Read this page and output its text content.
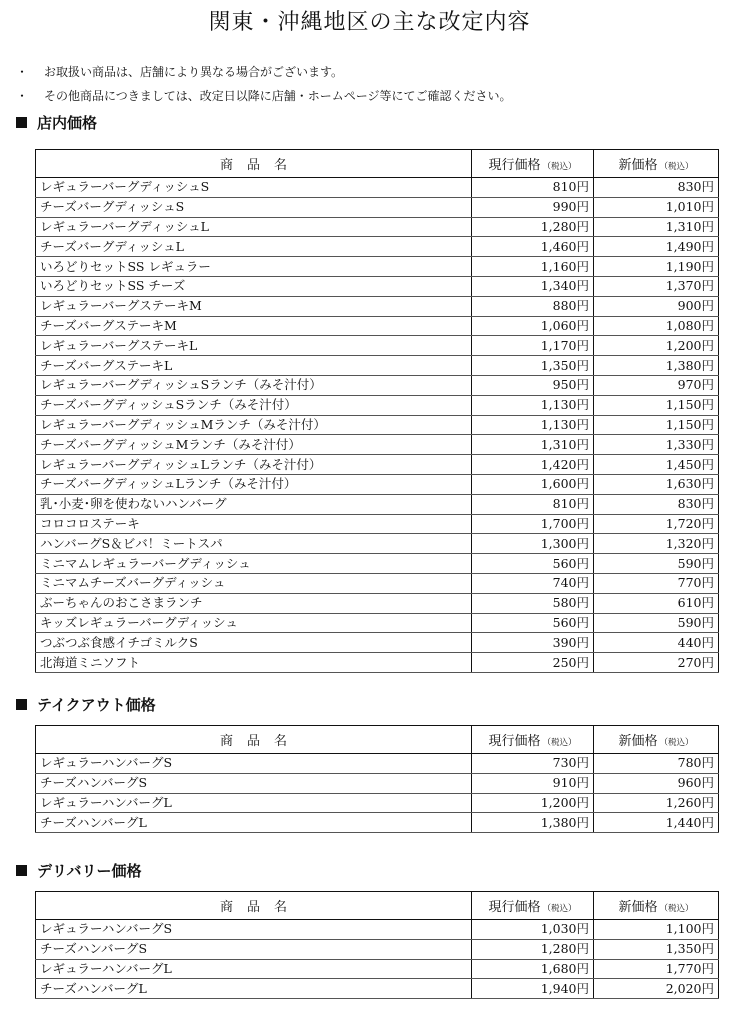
関東・沖縄地区の主な改定内容
・	お取扱い商品は、店舗により異なる場合がございます。
・	その他商品につきましては、改定日以降に店舗・ホームページ等にてご確認ください。
店内価格
商品名	現行価格 （税込）	新価格 （税込）
レギュラーバーグディッシュS	810円	830円
チーズバーグディッシュS	990円	1,010円
レギュラーバーグディッシュL	1,280円	1,310円
チーズバーグディッシュL	1,460円	1,490円
いろどりセットSS レギュラー	1,160円	1,190円
いろどりセットSS チーズ	1,340円	1,370円
レギュラーバーグステーキM	880円	900円
チーズバーグステーキM	1,060円	1,080円
レギュラーバーグステーキL	1,170円	1,200円
チーズバーグステーキL	1,350円	1,380円
レギュラーバーグディッシュSランチ（みそ汁付）	950円	970円
チーズバーグディッシュSランチ（みそ汁付）	1,130円	1,150円
レギュラーバーグディッシュMランチ（みそ汁付）	1,130円	1,150円
チーズバーグディッシュMランチ（みそ汁付）	1,310円	1,330円
レギュラーバーグディッシュLランチ（みそ汁付）	1,420円	1,450円
チーズバーグディッシュLランチ（みそ汁付）	1,600円	1,630円
乳･小麦･卵を使わないハンバーグ	810円	830円
コロコロステーキ	1,700円	1,720円
ハンバーグS＆ビバ！ミートスパ	1,300円	1,320円
ミニマムレギュラーバーグディッシュ	560円	590円
ミニマムチーズバーグディッシュ	740円	770円
ぶーちゃんのおこさまランチ	580円	610円
キッズレギュラーバーグディッシュ	560円	590円
つぶつぶ食感イチゴミルクS	390円	440円
北海道ミニソフト	250円	270円
テイクアウト価格
商品名	現行価格 （税込）	新価格 （税込）
レギュラーハンバーグS	730円	780円
チーズハンバーグS	910円	960円
レギュラーハンバーグL	1,200円	1,260円
チーズハンバーグL	1,380円	1,440円
デリバリー価格
商品名	現行価格 （税込）	新価格 （税込）
レギュラーハンバーグS	1,030円	1,100円
チーズハンバーグS	1,280円	1,350円
レギュラーハンバーグL	1,680円	1,770円
チーズハンバーグL	1,940円	2,020円
